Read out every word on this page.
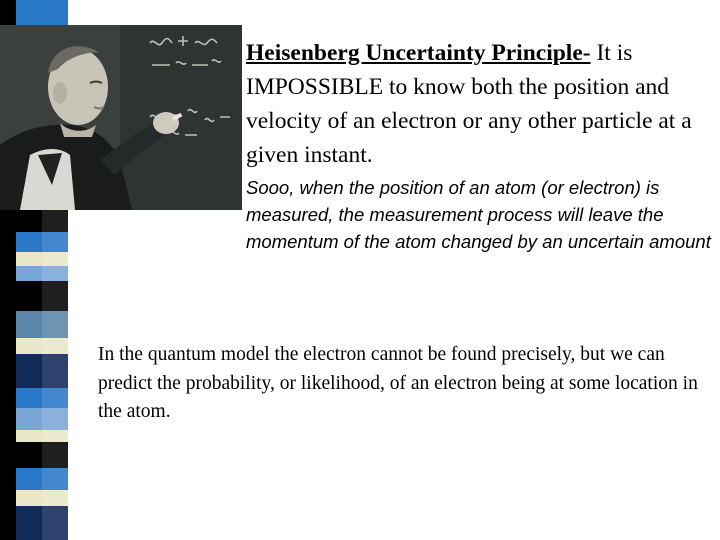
Heisenberg Uncertainty Principle- It is IMPOSSIBLE to know both the position and velocity of an electron or any other particle at a given instant.
Sooo, when the position of an atom (or electron) is measured, the measurement process will leave the momentum of the atom changed by an uncertain amount
In the quantum model the electron cannot be found precisely, but we can predict the probability, or likelihood, of an electron being at some location in the atom.
